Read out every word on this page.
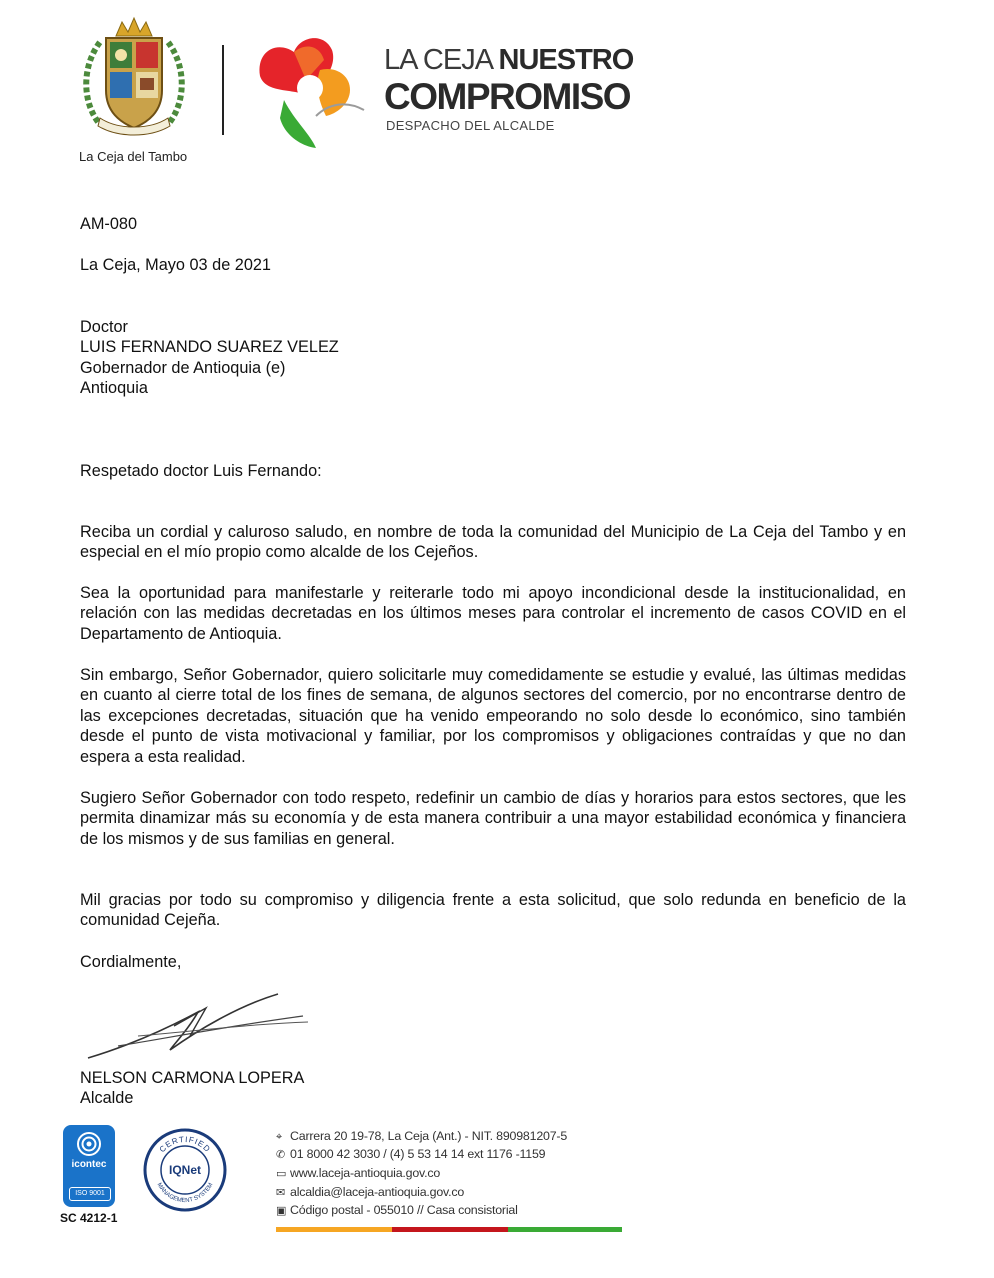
La Ceja del Tambo
LA CEJA NUESTRO
COMPROMISO
DESPACHO DEL ALCALDE
AM-080
La Ceja, Mayo 03 de 2021
Doctor
LUIS FERNANDO SUAREZ VELEZ
Gobernador de Antioquia (e)
Antioquia
Respetado doctor Luis Fernando:
Reciba un cordial y caluroso saludo, en nombre de toda la comunidad del Municipio de La Ceja del Tambo y en especial en el mío propio como alcalde de los Cejeños.
Sea la oportunidad para manifestarle y reiterarle todo mi apoyo incondicional desde la institucionalidad, en relación con las medidas decretadas en los últimos meses para controlar el incremento de casos COVID en el Departamento de Antioquia.
Sin embargo, Señor Gobernador, quiero solicitarle muy comedidamente se estudie y evalué, las últimas medidas en cuanto al cierre total de los fines de semana, de algunos sectores del comercio, por no encontrarse dentro de las excepciones decretadas, situación que ha venido empeorando no solo desde lo económico, sino también desde el punto de vista motivacional y familiar, por los compromisos y obligaciones contraídas y que no dan espera a esta realidad.
Sugiero Señor Gobernador con todo respeto, redefinir un cambio de días y horarios para estos sectores, que les permita dinamizar más su economía y de esta manera contribuir a una mayor estabilidad económica y financiera de los mismos y de sus familias en general.
Mil gracias por todo su compromiso y diligencia frente a esta solicitud, que solo redunda en beneficio de la comunidad Cejeña.
Cordialmente,
NELSON CARMONA LOPERA
Alcalde
icontec
ISO 9001
SC 4212-1
CERTIFIED
MANAGEMENT SYSTEM
IQNet
⌖ Carrera 20 19-78, La Ceja (Ant.) - NIT. 890981207-5
✆ 01 8000 42 3030 / (4) 5 53 14 14 ext 1176 -1159
▭ www.laceja-antioquia.gov.co
✉ alcaldia@laceja-antioquia.gov.co
▣ Código postal - 055010 // Casa consistorial
